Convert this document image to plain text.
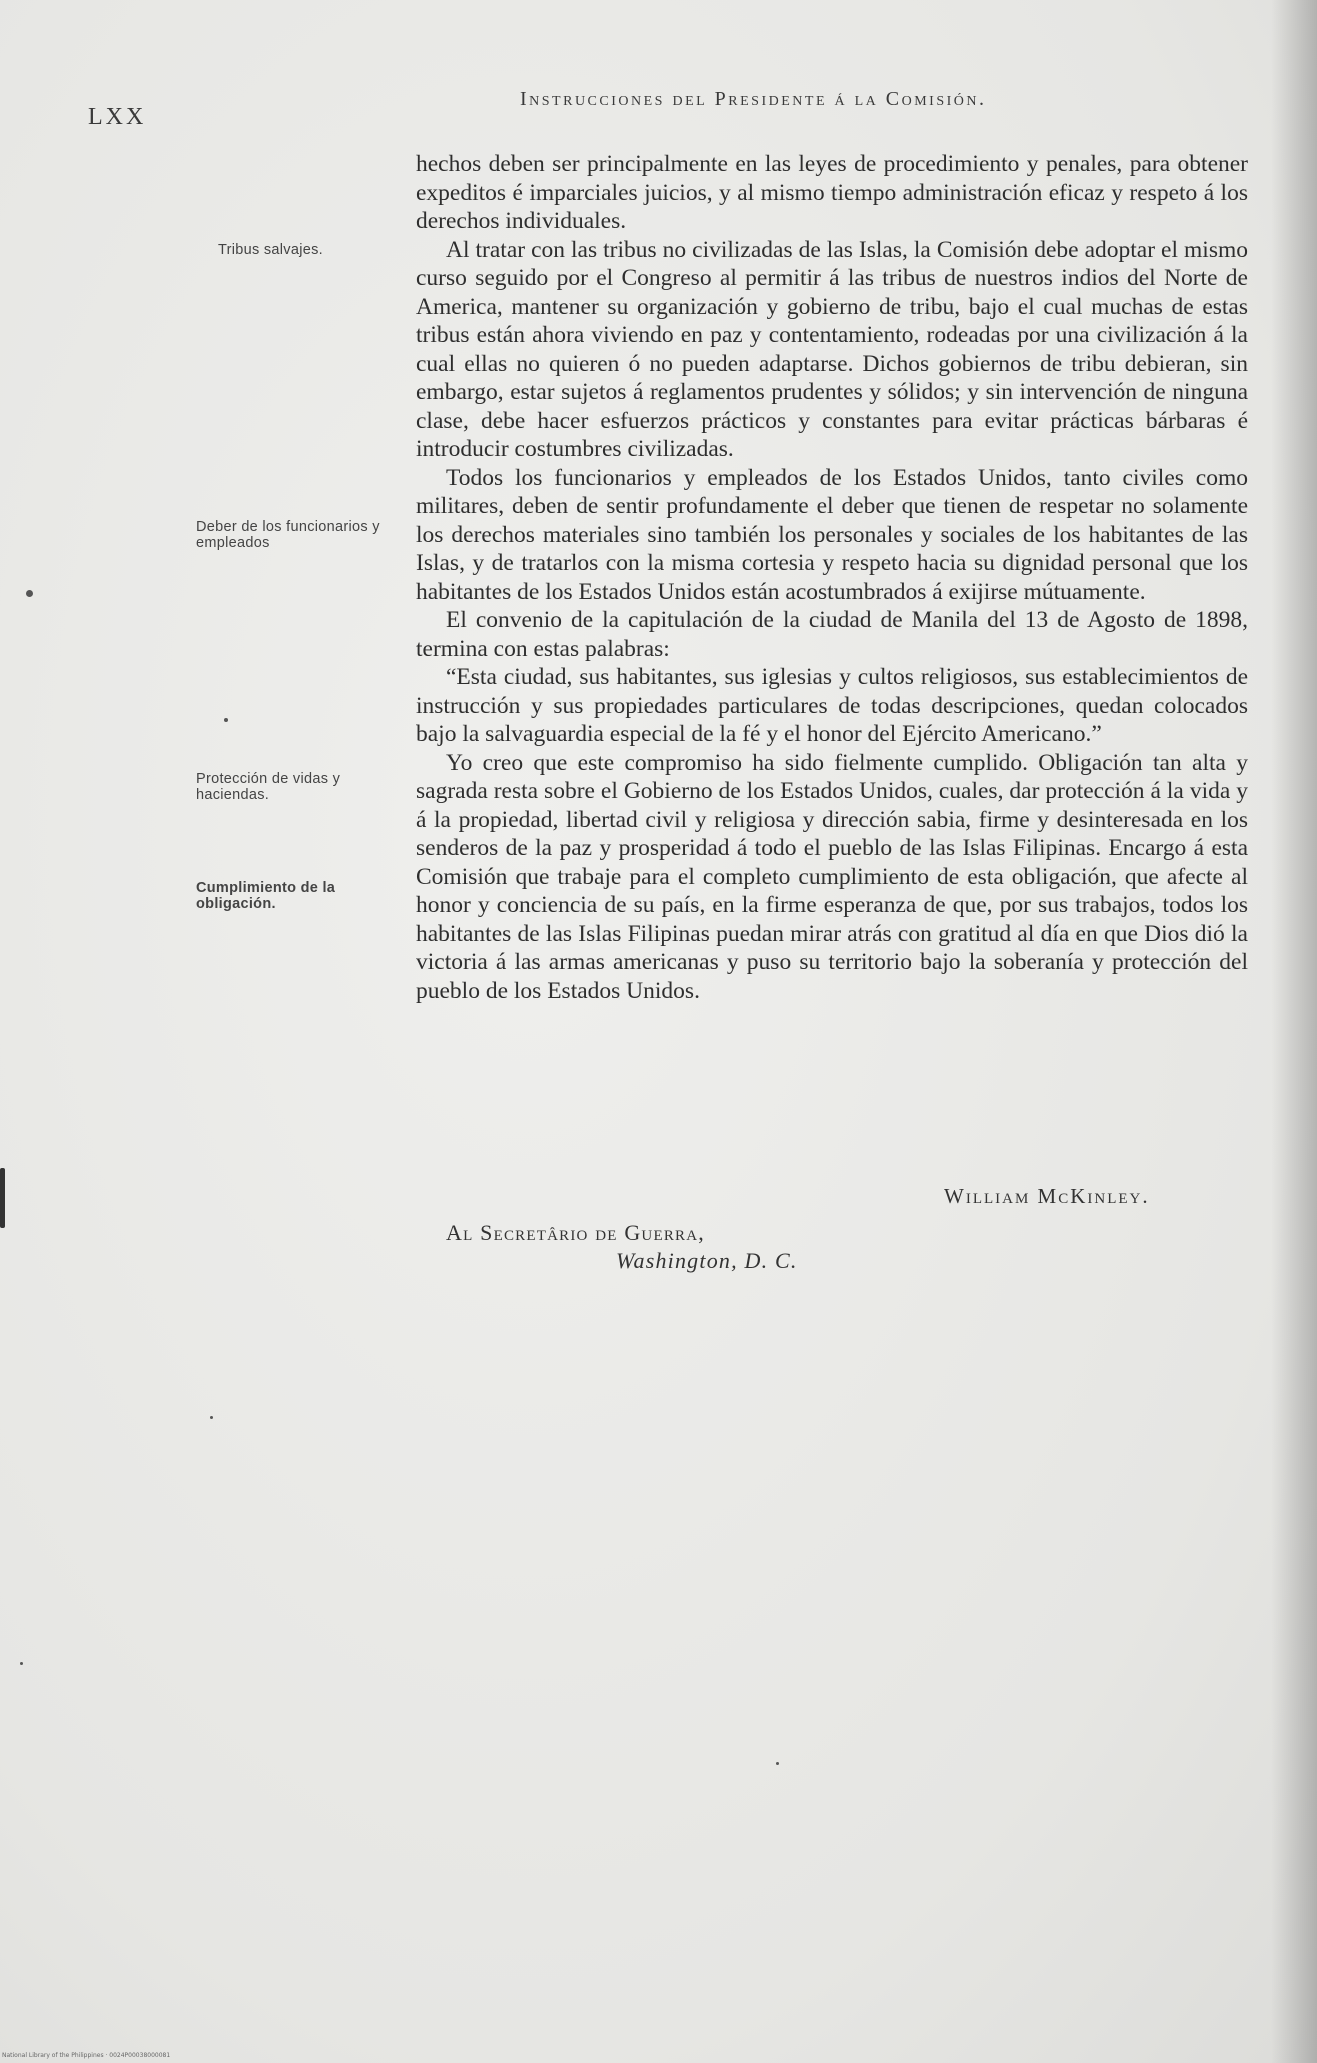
LXX
Instrucciones del Presidente á la Comisión.
Tribus salvajes.
Deber de los funcionarios y empleados
Protección de vidas y haciendas.
Cumplimiento de la obligación.

hechos deben ser principalmente en las leyes de procedimiento y penales, para obtener expeditos é imparciales juicios, y al mismo tiempo administración eficaz y respeto á los derechos individuales.

Al tratar con las tribus no civilizadas de las Islas, la Comisión debe adoptar el mismo curso seguido por el Congreso al permitir á las tribus de nuestros indios del Norte de America, mantener su organización y gobierno de tribu, bajo el cual muchas de estas tribus están ahora viviendo en paz y contentamiento, rodeadas por una civilización á la cual ellas no quieren ó no pueden adaptarse. Dichos gobiernos de tribu debieran, sin embargo, estar sujetos á reglamentos prudentes y sólidos; y sin intervención de ninguna clase, debe hacer esfuerzos prácticos y constantes para evitar prácticas bárbaras é introducir costumbres civilizadas.

Todos los funcionarios y empleados de los Estados Unidos, tanto civiles como militares, deben de sentir profundamente el deber que tienen de respetar no solamente los derechos materiales sino también los personales y sociales de los habitantes de las Islas, y de tratarlos con la misma cortesia y respeto hacia su dignidad personal que los habitantes de los Estados Unidos están acostumbrados á exijirse mútuamente.

El convenio de la capitulación de la ciudad de Manila del 13 de Agosto de 1898, termina con estas palabras:

“Esta ciudad, sus habitantes, sus iglesias y cultos religiosos, sus establecimientos de instrucción y sus propiedades particulares de todas descripciones, quedan colocados bajo la salvaguardia especial de la fé y el honor del Ejército Americano.”

Yo creo que este compromiso ha sido fielmente cumplido. Obligación tan alta y sagrada resta sobre el Gobierno de los Estados Unidos, cuales, dar protección á la vida y á la propiedad, libertad civil y religiosa y dirección sabia, firme y desinteresada en los senderos de la paz y prosperidad á todo el pueblo de las Islas Filipinas. Encargo á esta Comisión que trabaje para el completo cumplimiento de esta obligación, que afecte al honor y conciencia de su país, en la firme esperanza de que, por sus trabajos, todos los habitantes de las Islas Filipinas puedan mirar atrás con gratitud al día en que Dios dió la victoria á las armas americanas y puso su territorio bajo la soberanía y protección del pueblo de los Estados Unidos.

William McKinley.
Al Secretârio de Guerra,
Washington, D. C.
National Library of the Philippines · 0024P00038000081
